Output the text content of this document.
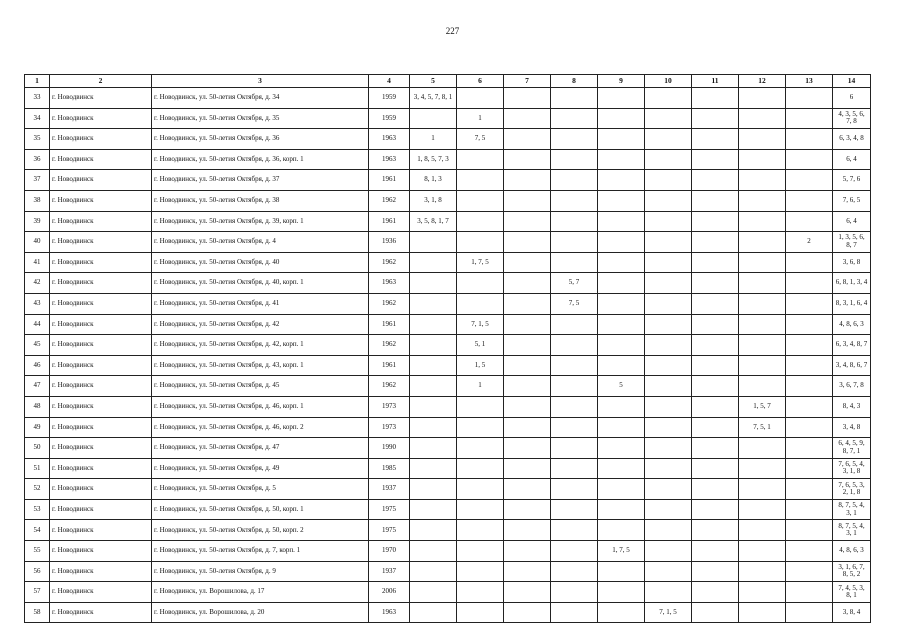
227
1	2	3	4	5	6	7	8	9	10	11	12	13	14
33	г. Новодвинск	г. Новодвинск, ул. 50-летия Октября, д. 34	1959	3, 4, 5, 7, 8, 1									6
34	г. Новодвинск	г. Новодвинск, ул. 50-летия Октября, д. 35	1959		1								4, 3, 5, 6, 7, 8
35	г. Новодвинск	г. Новодвинск, ул. 50-летия Октября, д. 36	1963	1	7, 5								6, 3, 4, 8
36	г. Новодвинск	г. Новодвинск, ул. 50-летия Октября, д. 36, корп. 1	1963	1, 8, 5, 7, 3									6, 4
37	г. Новодвинск	г. Новодвинск, ул. 50-летия Октября, д. 37	1961	8, 1, 3									5, 7, 6
38	г. Новодвинск	г. Новодвинск, ул. 50-летия Октября, д. 38	1962	3, 1, 8									7, 6, 5
39	г. Новодвинск	г. Новодвинск, ул. 50-летия Октября, д. 39, корп. 1	1961	3, 5, 8, 1, 7									6, 4
40	г. Новодвинск	г. Новодвинск, ул. 50-летия Октября, д. 4	1936									2	1, 3, 5, 6, 8, 7
41	г. Новодвинск	г. Новодвинск, ул. 50-летия Октября, д. 40	1962		1, 7, 5								3, 6, 8
42	г. Новодвинск	г. Новодвинск, ул. 50-летия Октября, д. 40, корп. 1	1963				5, 7						6, 8, 1, 3, 4
43	г. Новодвинск	г. Новодвинск, ул. 50-летия Октября, д. 41	1962				7, 5						8, 3, 1, 6, 4
44	г. Новодвинск	г. Новодвинск, ул. 50-летия Октября, д. 42	1961		7, 1, 5								4, 8, 6, 3
45	г. Новодвинск	г. Новодвинск, ул. 50-летия Октября, д. 42, корп. 1	1962		5, 1								6, 3, 4, 8, 7
46	г. Новодвинск	г. Новодвинск, ул. 50-летия Октября, д. 43, корп. 1	1961		1, 5								3, 4, 8, 6, 7
47	г. Новодвинск	г. Новодвинск, ул. 50-летия Октября, д. 45	1962		1			5					3, 6, 7, 8
48	г. Новодвинск	г. Новодвинск, ул. 50-летия Октября, д. 46, корп. 1	1973								1, 5, 7		8, 4, 3
49	г. Новодвинск	г. Новодвинск, ул. 50-летия Октября, д. 46, корп. 2	1973								7, 5, 1		3, 4, 8
50	г. Новодвинск	г. Новодвинск, ул. 50-летия Октября, д. 47	1990										6, 4, 5, 9, 8, 7, 1
51	г. Новодвинск	г. Новодвинск, ул. 50-летия Октября, д. 49	1985										7, 6, 5, 4, 3, 1, 8
52	г. Новодвинск	г. Новодвинск, ул. 50-летия Октября, д. 5	1937										7, 6, 5, 3, 2, 1, 8
53	г. Новодвинск	г. Новодвинск, ул. 50-летия Октября, д. 50, корп. 1	1975										8, 7, 5, 4, 3, 1
54	г. Новодвинск	г. Новодвинск, ул. 50-летия Октября, д. 50, корп. 2	1975										8, 7, 5, 4, 3, 1
55	г. Новодвинск	г. Новодвинск, ул. 50-летия Октября, д. 7, корп. 1	1970					1, 7, 5					4, 8, 6, 3
56	г. Новодвинск	г. Новодвинск, ул. 50-летия Октября, д. 9	1937										3, 1, 6, 7, 8, 5, 2
57	г. Новодвинск	г. Новодвинск, ул. Ворошилова, д. 17	2006										7, 4, 5, 3, 8, 1
58	г. Новодвинск	г. Новодвинск, ул. Ворошилова, д. 20	1963						7, 1, 5				3, 8, 4
